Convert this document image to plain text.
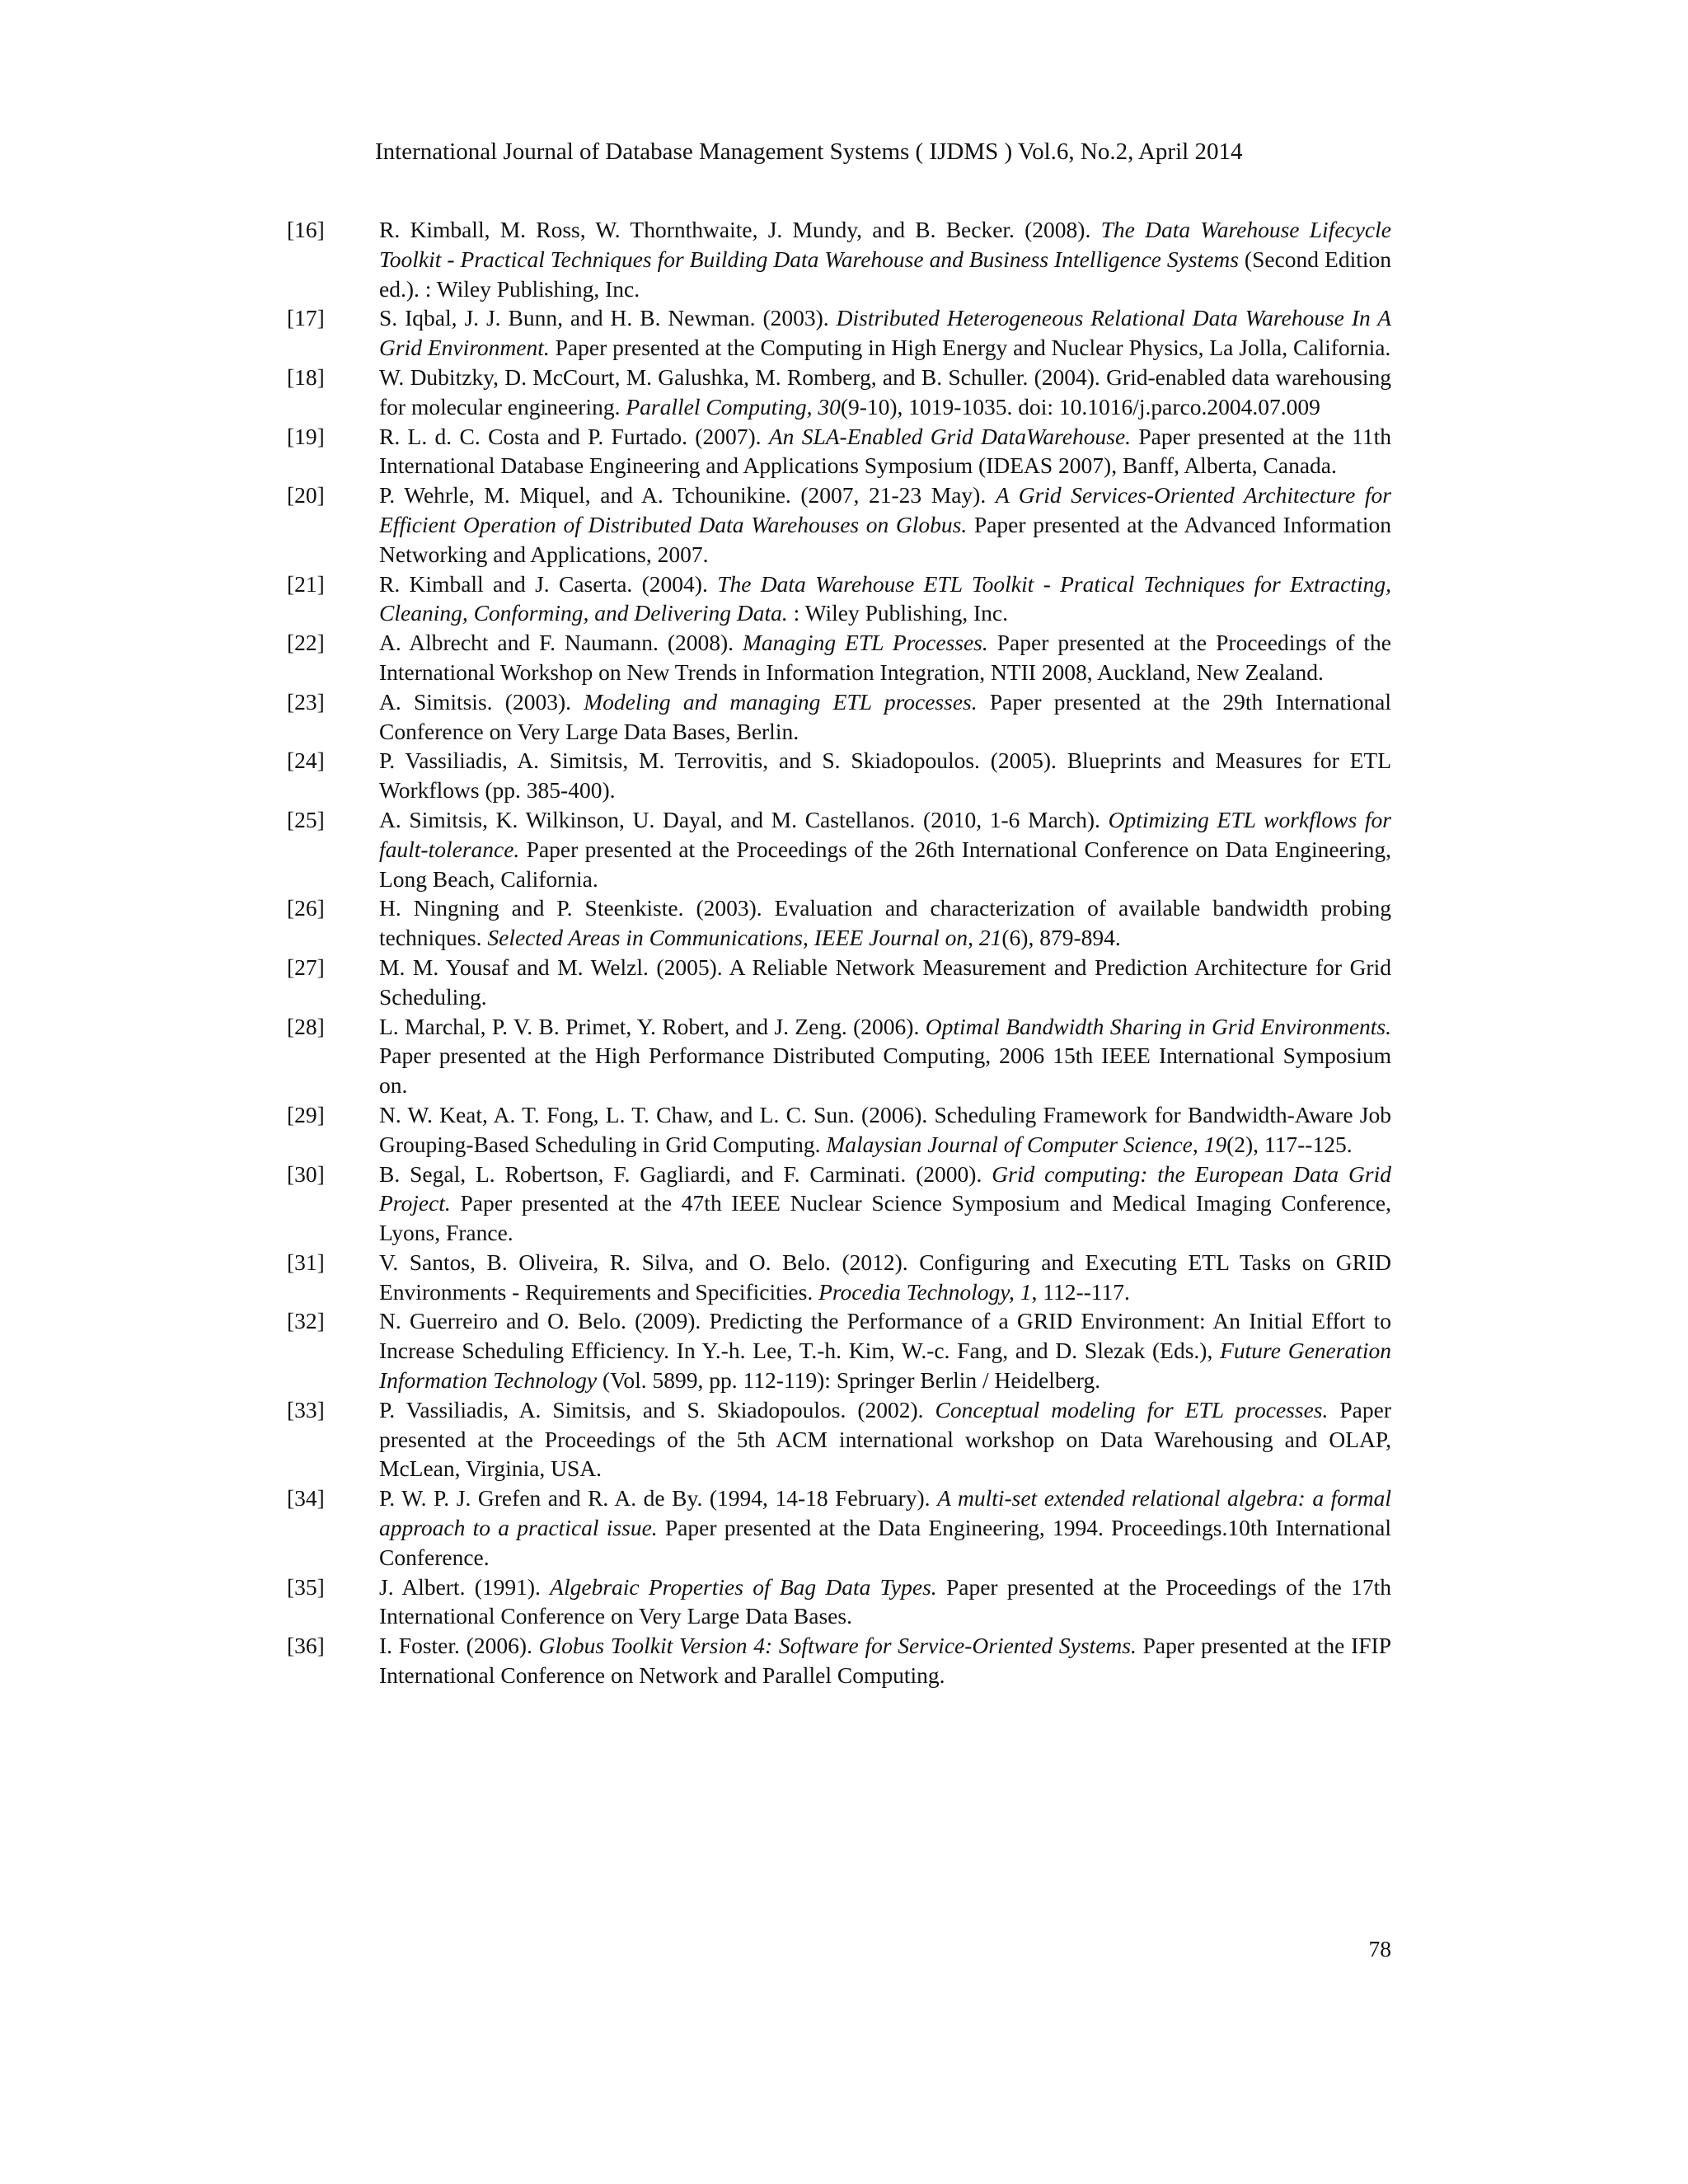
International Journal of Database Management Systems ( IJDMS ) Vol.6, No.2, April 2014
[16]	R. Kimball, M. Ross, W. Thornthwaite, J. Mundy, and B. Becker. (2008). The Data Warehouse Lifecycle Toolkit - Practical Techniques for Building Data Warehouse and Business Intelligence Systems (Second Edition ed.). : Wiley Publishing, Inc.
[17]	S. Iqbal, J. J. Bunn, and H. B. Newman. (2003). Distributed Heterogeneous Relational Data Warehouse In A Grid Environment. Paper presented at the Computing in High Energy and Nuclear Physics, La Jolla, California.
[18]	W. Dubitzky, D. McCourt, M. Galushka, M. Romberg, and B. Schuller. (2004). Grid-enabled data warehousing for molecular engineering. Parallel Computing, 30(9-10), 1019-1035. doi: 10.1016/j.parco.2004.07.009
[19]	R. L. d. C. Costa and P. Furtado. (2007). An SLA-Enabled Grid DataWarehouse. Paper presented at the 11th International Database Engineering and Applications Symposium (IDEAS 2007), Banff, Alberta, Canada.
[20]	P. Wehrle, M. Miquel, and A. Tchounikine. (2007, 21-23 May). A Grid Services-Oriented Architecture for Efficient Operation of Distributed Data Warehouses on Globus. Paper presented at the Advanced Information Networking and Applications, 2007.
[21]	R. Kimball and J. Caserta. (2004). The Data Warehouse ETL Toolkit - Pratical Techniques for Extracting, Cleaning, Conforming, and Delivering Data. : Wiley Publishing, Inc.
[22]	A. Albrecht and F. Naumann. (2008). Managing ETL Processes. Paper presented at the Proceedings of the International Workshop on New Trends in Information Integration, NTII 2008, Auckland, New Zealand.
[23]	A. Simitsis. (2003). Modeling and managing ETL processes. Paper presented at the 29th International Conference on Very Large Data Bases, Berlin.
[24]	P. Vassiliadis, A. Simitsis, M. Terrovitis, and S. Skiadopoulos. (2005). Blueprints and Measures for ETL Workflows (pp. 385-400).
[25]	A. Simitsis, K. Wilkinson, U. Dayal, and M. Castellanos. (2010, 1-6 March). Optimizing ETL workflows for fault-tolerance. Paper presented at the Proceedings of the 26th International Conference on Data Engineering, Long Beach, California.
[26]	H. Ningning and P. Steenkiste. (2003). Evaluation and characterization of available bandwidth probing techniques. Selected Areas in Communications, IEEE Journal on, 21(6), 879-894.
[27]	M. M. Yousaf and M. Welzl. (2005). A Reliable Network Measurement and Prediction Architecture for Grid Scheduling.
[28]	L. Marchal, P. V. B. Primet, Y. Robert, and J. Zeng. (2006). Optimal Bandwidth Sharing in Grid Environments. Paper presented at the High Performance Distributed Computing, 2006 15th IEEE International Symposium on.
[29]	N. W. Keat, A. T. Fong, L. T. Chaw, and L. C. Sun. (2006). Scheduling Framework for Bandwidth-Aware Job Grouping-Based Scheduling in Grid Computing. Malaysian Journal of Computer Science, 19(2), 117--125.
[30]	B. Segal, L. Robertson, F. Gagliardi, and F. Carminati. (2000). Grid computing: the European Data Grid Project. Paper presented at the 47th IEEE Nuclear Science Symposium and Medical Imaging Conference, Lyons, France.
[31]	V. Santos, B. Oliveira, R. Silva, and O. Belo. (2012). Configuring and Executing ETL Tasks on GRID Environments - Requirements and Specificities. Procedia Technology, 1, 112--117.
[32]	N. Guerreiro and O. Belo. (2009). Predicting the Performance of a GRID Environment: An Initial Effort to Increase Scheduling Efficiency. In Y.-h. Lee, T.-h. Kim, W.-c. Fang, and D. Slezak (Eds.), Future Generation Information Technology (Vol. 5899, pp. 112-119): Springer Berlin / Heidelberg.
[33]	P. Vassiliadis, A. Simitsis, and S. Skiadopoulos. (2002). Conceptual modeling for ETL processes. Paper presented at the Proceedings of the 5th ACM international workshop on Data Warehousing and OLAP, McLean, Virginia, USA.
[34]	P. W. P. J. Grefen and R. A. de By. (1994, 14-18 February). A multi-set extended relational algebra: a formal approach to a practical issue. Paper presented at the Data Engineering, 1994. Proceedings.10th International Conference.
[35]	J. Albert. (1991). Algebraic Properties of Bag Data Types. Paper presented at the Proceedings of the 17th International Conference on Very Large Data Bases.
[36]	I. Foster. (2006). Globus Toolkit Version 4: Software for Service-Oriented Systems. Paper presented at the IFIP International Conference on Network and Parallel Computing.
78
